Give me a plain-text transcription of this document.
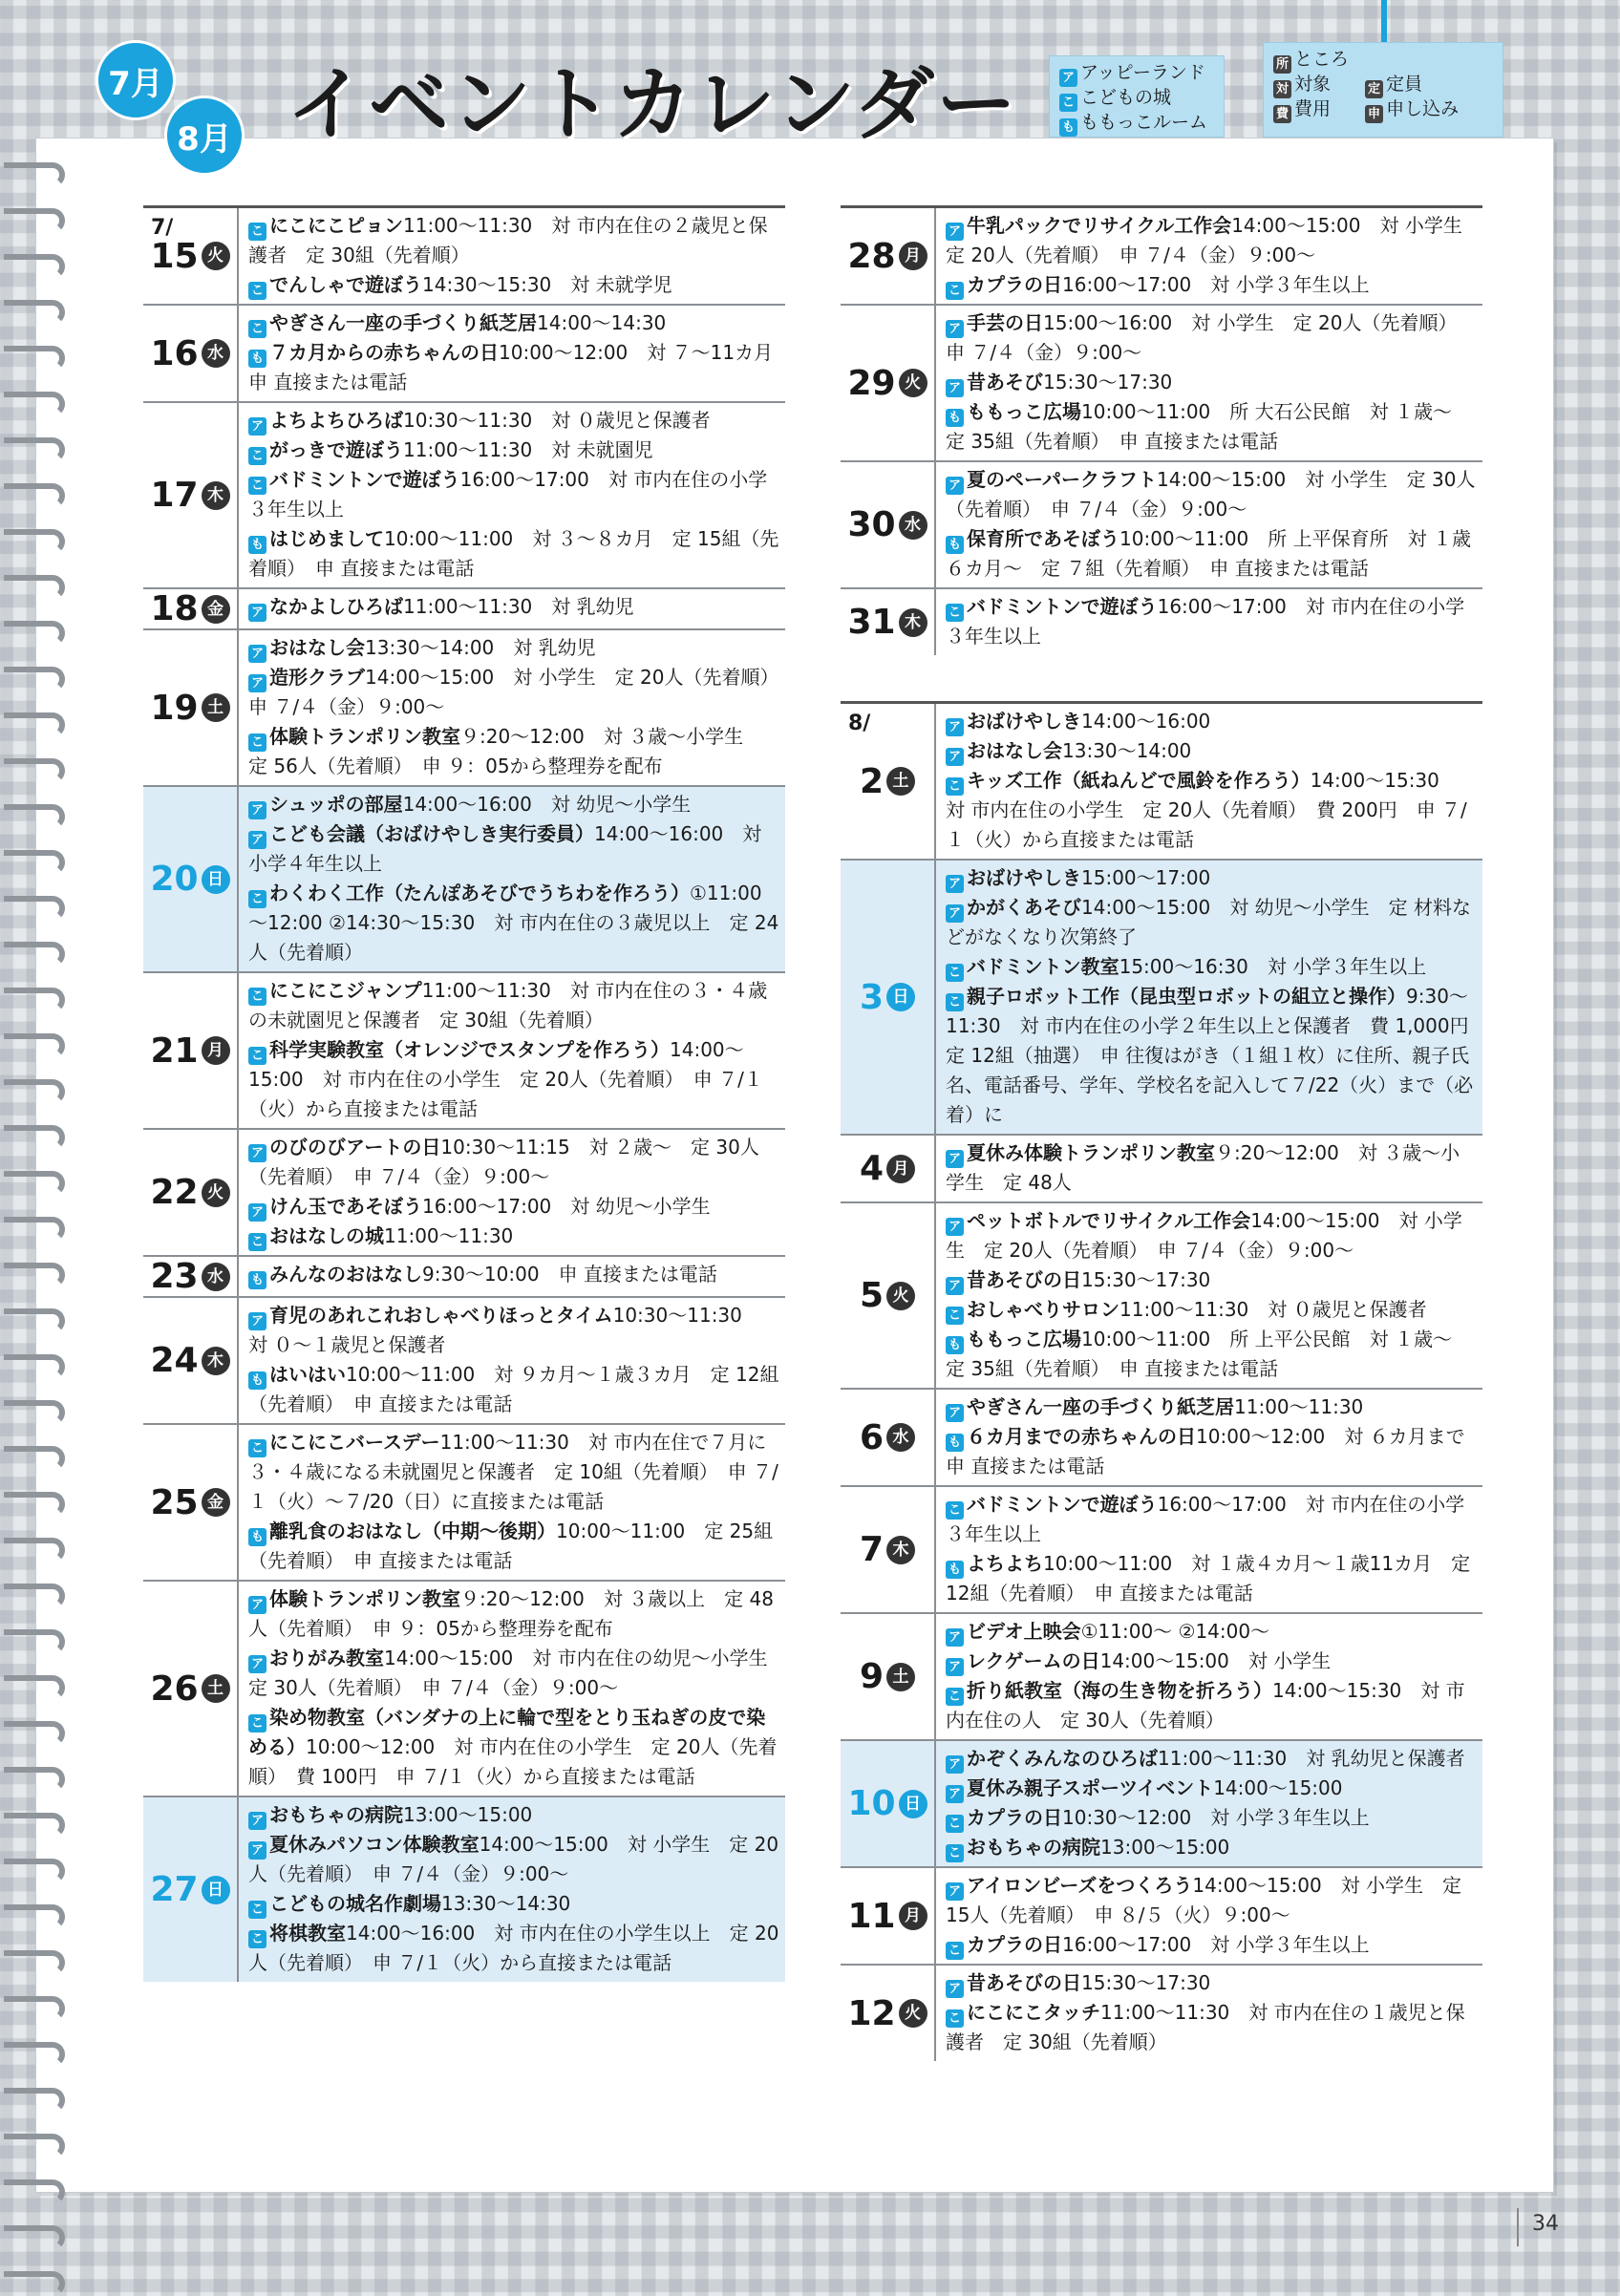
7月
8月 イベントカレンダー	ア アッピーランド
こ こどもの城
も ももっこルーム
所 ところ
対 対象	定 定員
費 費用	申 申し込み
7/
15 火
こ にこにこピョン11:00～11:30　 対 市内在住の２歳児と保護者　定 30組（先着順）
こ でんしゃで遊ぼう14:30～15:30　 対 未就学児
16 水
こ やぎさん一座の手づくり紙芝居14:00～14:30
も ７カ月からの赤ちゃんの日10:00～12:00　 対 ７～11カ月　申 直接または電話
17 木
ア よちよちひろば10:30～11:30　 対 ０歳児と保護者
こ がっきで遊ぼう11:00～11:30　 対 未就園児
こ バドミントンで遊ぼう16:00～17:00　 対 市内在住の小学３年生以上
も はじめまして10:00～11:00　 対 ３～８カ月　定 15組（先着順）　申 直接または電話
18 金	ア なかよしひろば11:00～11:30　 対 乳幼児
19 土
ア おはなし会13:30～14:00　 対 乳幼児
ア 造形クラブ14:00～15:00　 対 小学生　定 20人（先着順）　申 ７/４（金）９:00～
こ 体験トランポリン教室９:20～12:00　 対 ３歳～小学生　定 56人（先着順）　申 ９：05から整理券を配布
20 日
ア シュッポの部屋14:00～16:00　 対 幼児～小学生
ア こども会議（おばけやしき実行委員）14:00～16:00　 対 小学４年生以上
こ わくわく工作（たんぽあそびでうちわを作ろう）①11:00～12:00 ②14:30～15:30　 対 市内在住の３歳児以上　定 24人（先着順）
21 月
こ にこにこジャンプ11:00～11:30　 対 市内在住の３・４歳の未就園児と保護者　定 30組（先着順）
こ 科学実験教室（オレンジでスタンプを作ろう）14:00～15:00　 対 市内在住の小学生　定 20人（先着順）　申 ７/１（火）から直接または電話
22 火
ア のびのびアートの日10:30～11:15　 対 ２歳～　定 30人（先着順）　申 ７/４（金）９:00～
ア けん玉であそぼう16:00～17:00　 対 幼児～小学生
こ おはなしの城11:00～11:30
23 水	も みんなのおはなし9:30～10:00　 申 直接または電話
24 木
ア 育児のあれこれおしゃべりほっとタイム10:30～11:30　対 ０～１歳児と保護者
も はいはい10:00～11:00　 対 ９カ月～１歳３カ月　定 12組（先着順）　申 直接または電話
25 金
こ にこにこバースデー11:00～11:30　 対 市内在住で７月に３・４歳になる未就園児と保護者　定 10組（先着順）　申 ７/１（火）～７/20（日）に直接または電話
も 離乳食のおはなし（中期～後期）10:00～11:00　 定 25組（先着順）　申 直接または電話
26 土
ア 体験トランポリン教室９:20～12:00　 対 ３歳以上　定 48人（先着順）　申 ９：05から整理券を配布
ア おりがみ教室14:00～15:00　 対 市内在住の幼児～小学生　定 30人（先着順）　申 ７/４（金）９:00～
こ 染め物教室（バンダナの上に輪で型をとり玉ねぎの皮で染める）10:00～12:00　 対 市内在住の小学生　定 20人（先着順）　費 100円　申 ７/１（火）から直接または電話
27 日
ア おもちゃの病院13:00～15:00
ア 夏休みパソコン体験教室14:00～15:00　 対 小学生　定 20人（先着順）　申 ７/４（金）９:00～
こ こどもの城名作劇場13:30～14:30
こ 将棋教室14:00～16:00　 対 市内在住の小学生以上　定 20人（先着順）　申 ７/１（火）から直接または電話
28 月
ア 牛乳パックでリサイクル工作会14:00～15:00　 対 小学生　定 20人（先着順）　申 ７/４（金）９:00～
こ カプラの日16:00～17:00　 対 小学３年生以上
29 火
ア 手芸の日15:00～16:00　 対 小学生　定 20人（先着順）　申 ７/４（金）９:00～
ア 昔あそび15:30～17:30
も ももっこ広場10:00～11:00　 所 大石公民館　対 １歳～　定 35組（先着順）　申 直接または電話
30 水
ア 夏のペーパークラフト14:00～15:00　 対 小学生　定 30人（先着順）　申 ７/４（金）９:00～
も 保育所であそぼう10:00～11:00　 所 上平保育所　対 １歳６カ月～　定 ７組（先着順）　申 直接または電話
31 木	こ バドミントンで遊ぼう16:00～17:00　 対 市内在住の小学３年生以上
8/
2 土
ア おばけやしき14:00～16:00
ア おはなし会13:30～14:00
こ キッズ工作（紙ねんどで風鈴を作ろう）14:00～15:30　対 市内在住の小学生　定 20人（先着順）　費 200円　申 ７/１（火）から直接または電話
3 日
ア おばけやしき15:00～17:00
ア かがくあそび14:00～15:00　 対 幼児～小学生　定 材料などがなくなり次第終了
こ バドミントン教室15:00～16:30　 対 小学３年生以上
こ 親子ロボット工作（昆虫型ロボットの組立と操作）9:30～11:30　 対 市内在住の小学２年生以上と保護者　費 1,000円　定 12組（抽選）　申 往復はがき（１組１枚）に住所、親子氏名、電話番号、学年、学校名を記入して７/22（火）まで（必着）に
4 月	ア 夏休み体験トランポリン教室９:20～12:00　 対 ３歳～小学生　定 48人
5 火
ア ペットボトルでリサイクル工作会14:00～15:00　 対 小学生　定 20人（先着順）　申 ７/４（金）９:00～
ア 昔あそびの日15:30～17:30
こ おしゃべりサロン11:00～11:30　 対 ０歳児と保護者
も ももっこ広場10:00～11:00　 所 上平公民館　対 １歳～　定 35組（先着順）　申 直接または電話
6 水
ア やぎさん一座の手づくり紙芝居11:00～11:30
も ６カ月までの赤ちゃんの日10:00～12:00　 対 ６カ月まで　申 直接または電話
7 木
こ バドミントンで遊ぼう16:00～17:00　 対 市内在住の小学３年生以上
も よちよち10:00～11:00　 対 １歳４カ月～１歳11カ月　定 12組（先着順）　申 直接または電話
9 土
ア ビデオ上映会①11:00～ ②14:00～
ア レクゲームの日14:00～15:00　 対 小学生
こ 折り紙教室（海の生き物を折ろう）14:00～15:30　 対 市内在住の人　定 30人（先着順）
10 日
ア かぞくみんなのひろば11:00～11:30　 対 乳幼児と保護者
ア 夏休み親子スポーツイベント14:00～15:00
こ カプラの日10:30～12:00　 対 小学３年生以上
こ おもちゃの病院13:00～15:00
11 月
ア アイロンビーズをつくろう14:00～15:00　 対 小学生　定 15人（先着順）　申 ８/５（火）９:00～
こ カプラの日16:00～17:00　 対 小学３年生以上
12 火
ア 昔あそびの日15:30～17:30
こ にこにこタッチ11:00～11:30　 対 市内在住の１歳児と保護者　定 30組（先着順）
34
